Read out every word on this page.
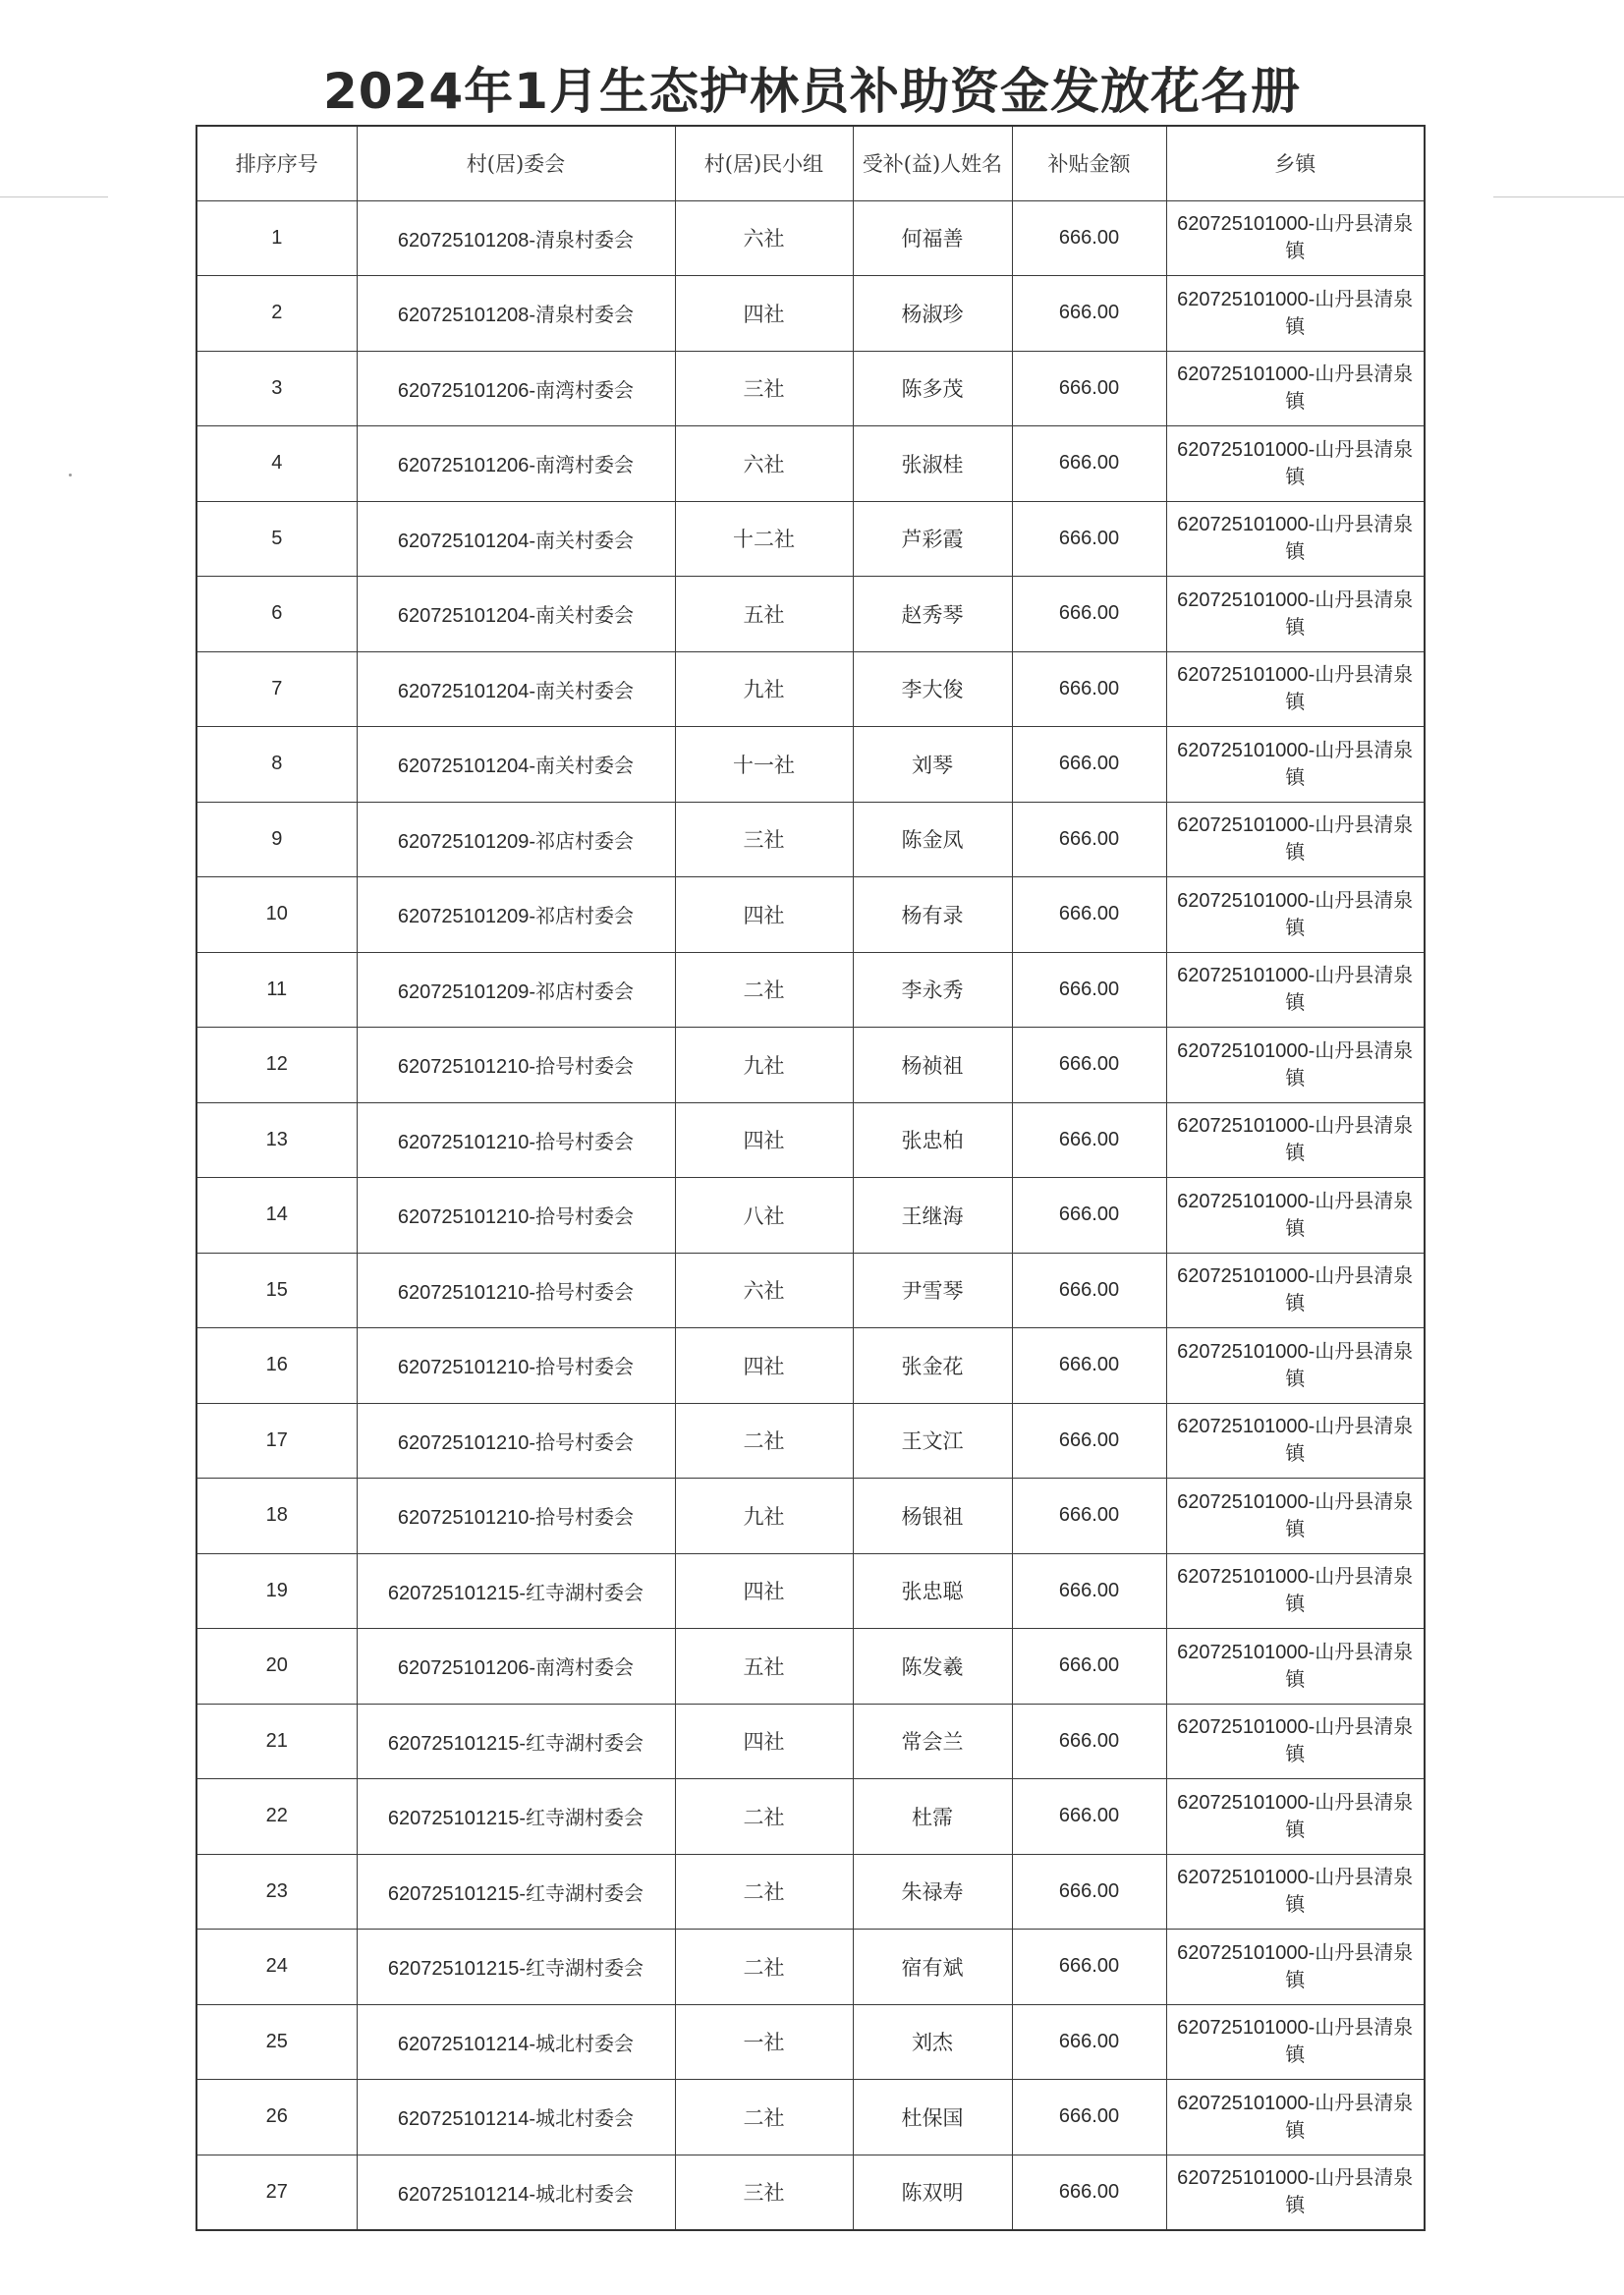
2024年1月生态护林员补助资金发放花名册
排序序号	村(居)委会	村(居)民小组	受补(益)人姓名	补贴金额	乡镇
1	620725101208-清泉村委会	六社	何福善	666.00	620725101000-山丹县清泉镇
2	620725101208-清泉村委会	四社	杨淑珍	666.00	620725101000-山丹县清泉镇
3	620725101206-南湾村委会	三社	陈多茂	666.00	620725101000-山丹县清泉镇
4	620725101206-南湾村委会	六社	张淑桂	666.00	620725101000-山丹县清泉镇
5	620725101204-南关村委会	十二社	芦彩霞	666.00	620725101000-山丹县清泉镇
6	620725101204-南关村委会	五社	赵秀琴	666.00	620725101000-山丹县清泉镇
7	620725101204-南关村委会	九社	李大俊	666.00	620725101000-山丹县清泉镇
8	620725101204-南关村委会	十一社	刘琴	666.00	620725101000-山丹县清泉镇
9	620725101209-祁店村委会	三社	陈金凤	666.00	620725101000-山丹县清泉镇
10	620725101209-祁店村委会	四社	杨有录	666.00	620725101000-山丹县清泉镇
11	620725101209-祁店村委会	二社	李永秀	666.00	620725101000-山丹县清泉镇
12	620725101210-拾号村委会	九社	杨祯祖	666.00	620725101000-山丹县清泉镇
13	620725101210-拾号村委会	四社	张忠柏	666.00	620725101000-山丹县清泉镇
14	620725101210-拾号村委会	八社	王继海	666.00	620725101000-山丹县清泉镇
15	620725101210-拾号村委会	六社	尹雪琴	666.00	620725101000-山丹县清泉镇
16	620725101210-拾号村委会	四社	张金花	666.00	620725101000-山丹县清泉镇
17	620725101210-拾号村委会	二社	王文江	666.00	620725101000-山丹县清泉镇
18	620725101210-拾号村委会	九社	杨银祖	666.00	620725101000-山丹县清泉镇
19	620725101215-红寺湖村委会	四社	张忠聪	666.00	620725101000-山丹县清泉镇
20	620725101206-南湾村委会	五社	陈发羲	666.00	620725101000-山丹县清泉镇
21	620725101215-红寺湖村委会	四社	常会兰	666.00	620725101000-山丹县清泉镇
22	620725101215-红寺湖村委会	二社	杜霈	666.00	620725101000-山丹县清泉镇
23	620725101215-红寺湖村委会	二社	朱禄寿	666.00	620725101000-山丹县清泉镇
24	620725101215-红寺湖村委会	二社	宿有斌	666.00	620725101000-山丹县清泉镇
25	620725101214-城北村委会	一社	刘杰	666.00	620725101000-山丹县清泉镇
26	620725101214-城北村委会	二社	杜保国	666.00	620725101000-山丹县清泉镇
27	620725101214-城北村委会	三社	陈双明	666.00	620725101000-山丹县清泉镇
